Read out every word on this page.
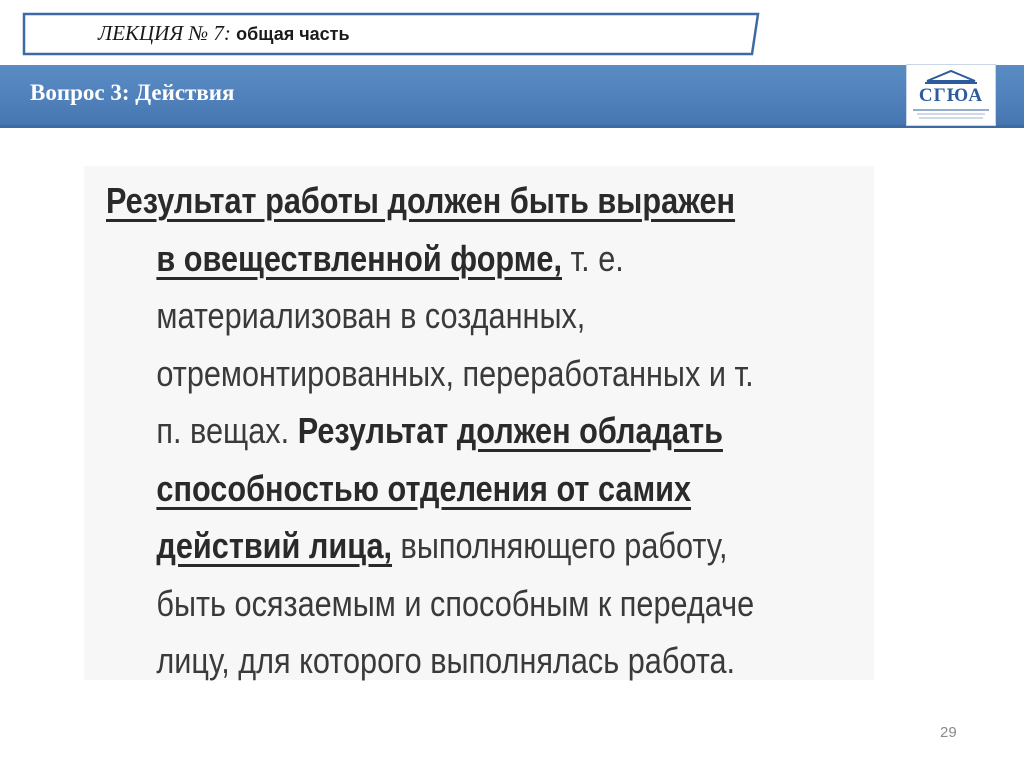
ЛЕКЦИЯ № 7: общая часть
Вопрос 3: Действия	СГЮА
Результат работы должен быть выражен
в овеществленной форме, т. е.
материализован в созданных,
отремонтированных, переработанных и т.
п. вещах. Результат должен обладать
способностью отделения от самих
действий лица, выполняющего работу,
быть осязаемым и способным к передаче
лицу, для которого выполнялась работа.
29
